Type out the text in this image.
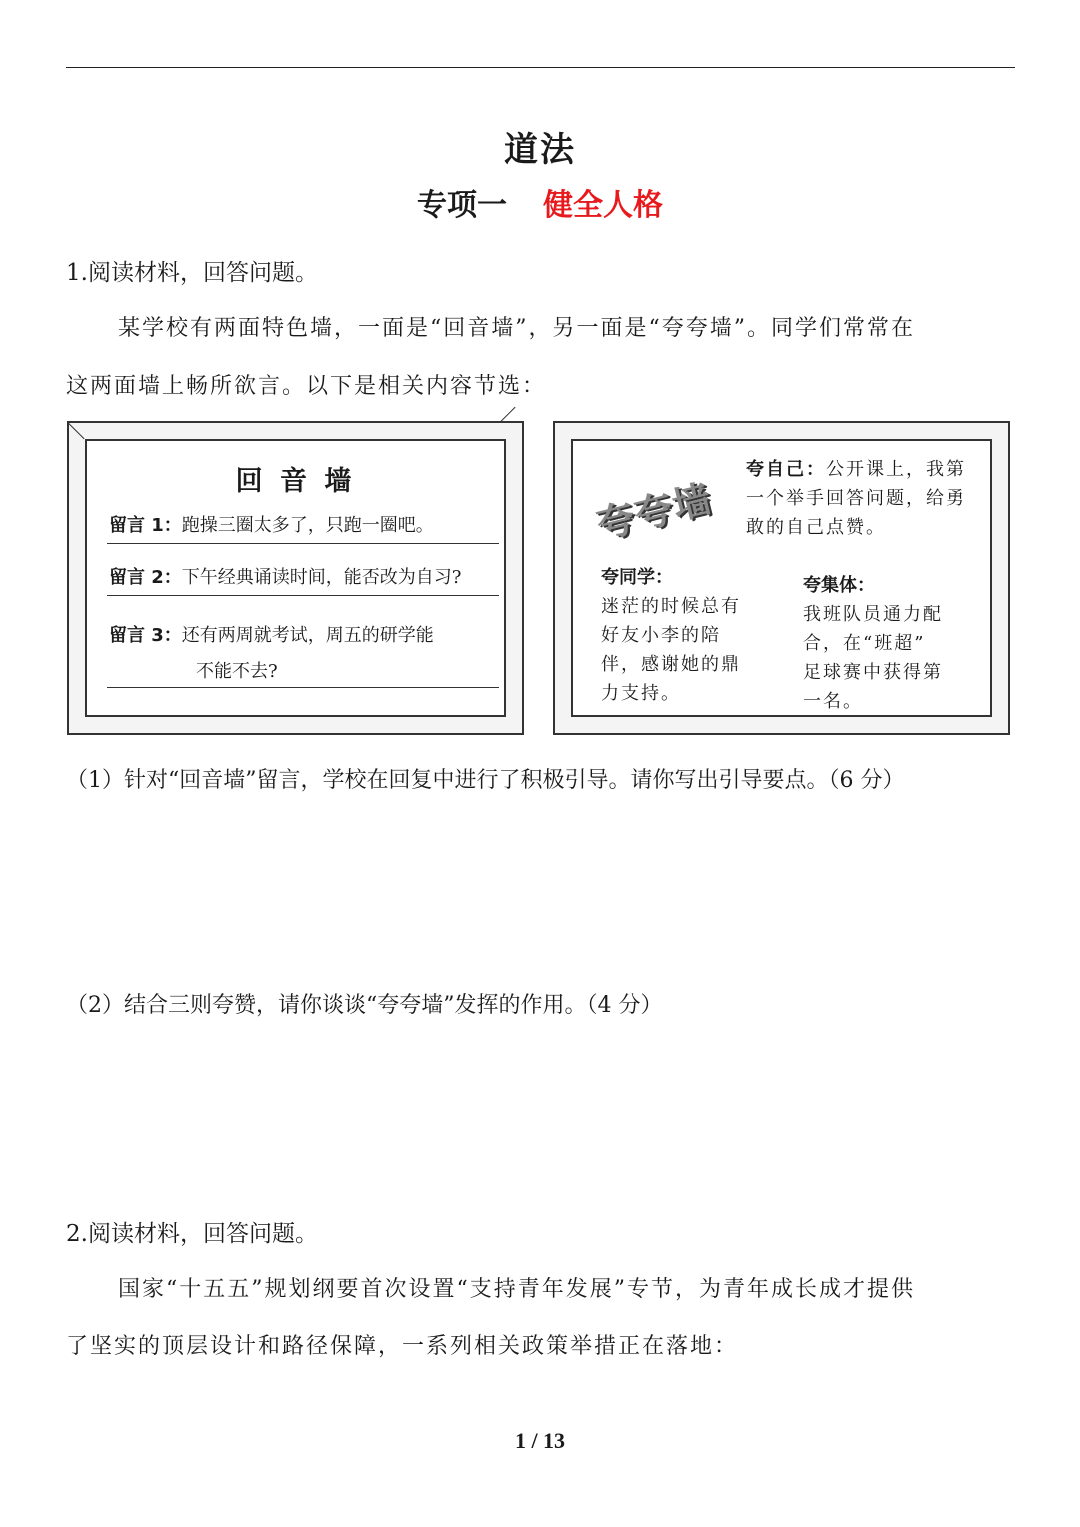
道法
专项一 健全人格
1.阅读材料，回答问题。
某学校有两面特色墙，一面是“回音墙”，另一面是“夸夸墙”。同学们常常在
这两面墙上畅所欲言。以下是相关内容节选：
回 音 墙
留言 1：跑操三圈太多了，只跑一圈吧。
留言 2：下午经典诵读时间，能否改为自习?
留言 3：还有两周就考试，周五的研学能
不能不去?
夸夸墙
夸自己：公开课上，我第
一个举手回答问题，给勇
敢的自己点赞。
夸同学：
迷茫的时候总有
好友小李的陪
伴，感谢她的鼎
力支持。
夸集体：
我班队员通力配
合，在“班超”
足球赛中获得第
一名。
（1）针对“回音墙”留言，学校在回复中进行了积极引导。请你写出引导要点。（6 分）
（2）结合三则夸赞，请你谈谈“夸夸墙”发挥的作用。（4 分）
2.阅读材料，回答问题。
国家“十五五”规划纲要首次设置“支持青年发展”专节，为青年成长成才提供
了坚实的顶层设计和路径保障，一系列相关政策举措正在落地：
1 / 13
